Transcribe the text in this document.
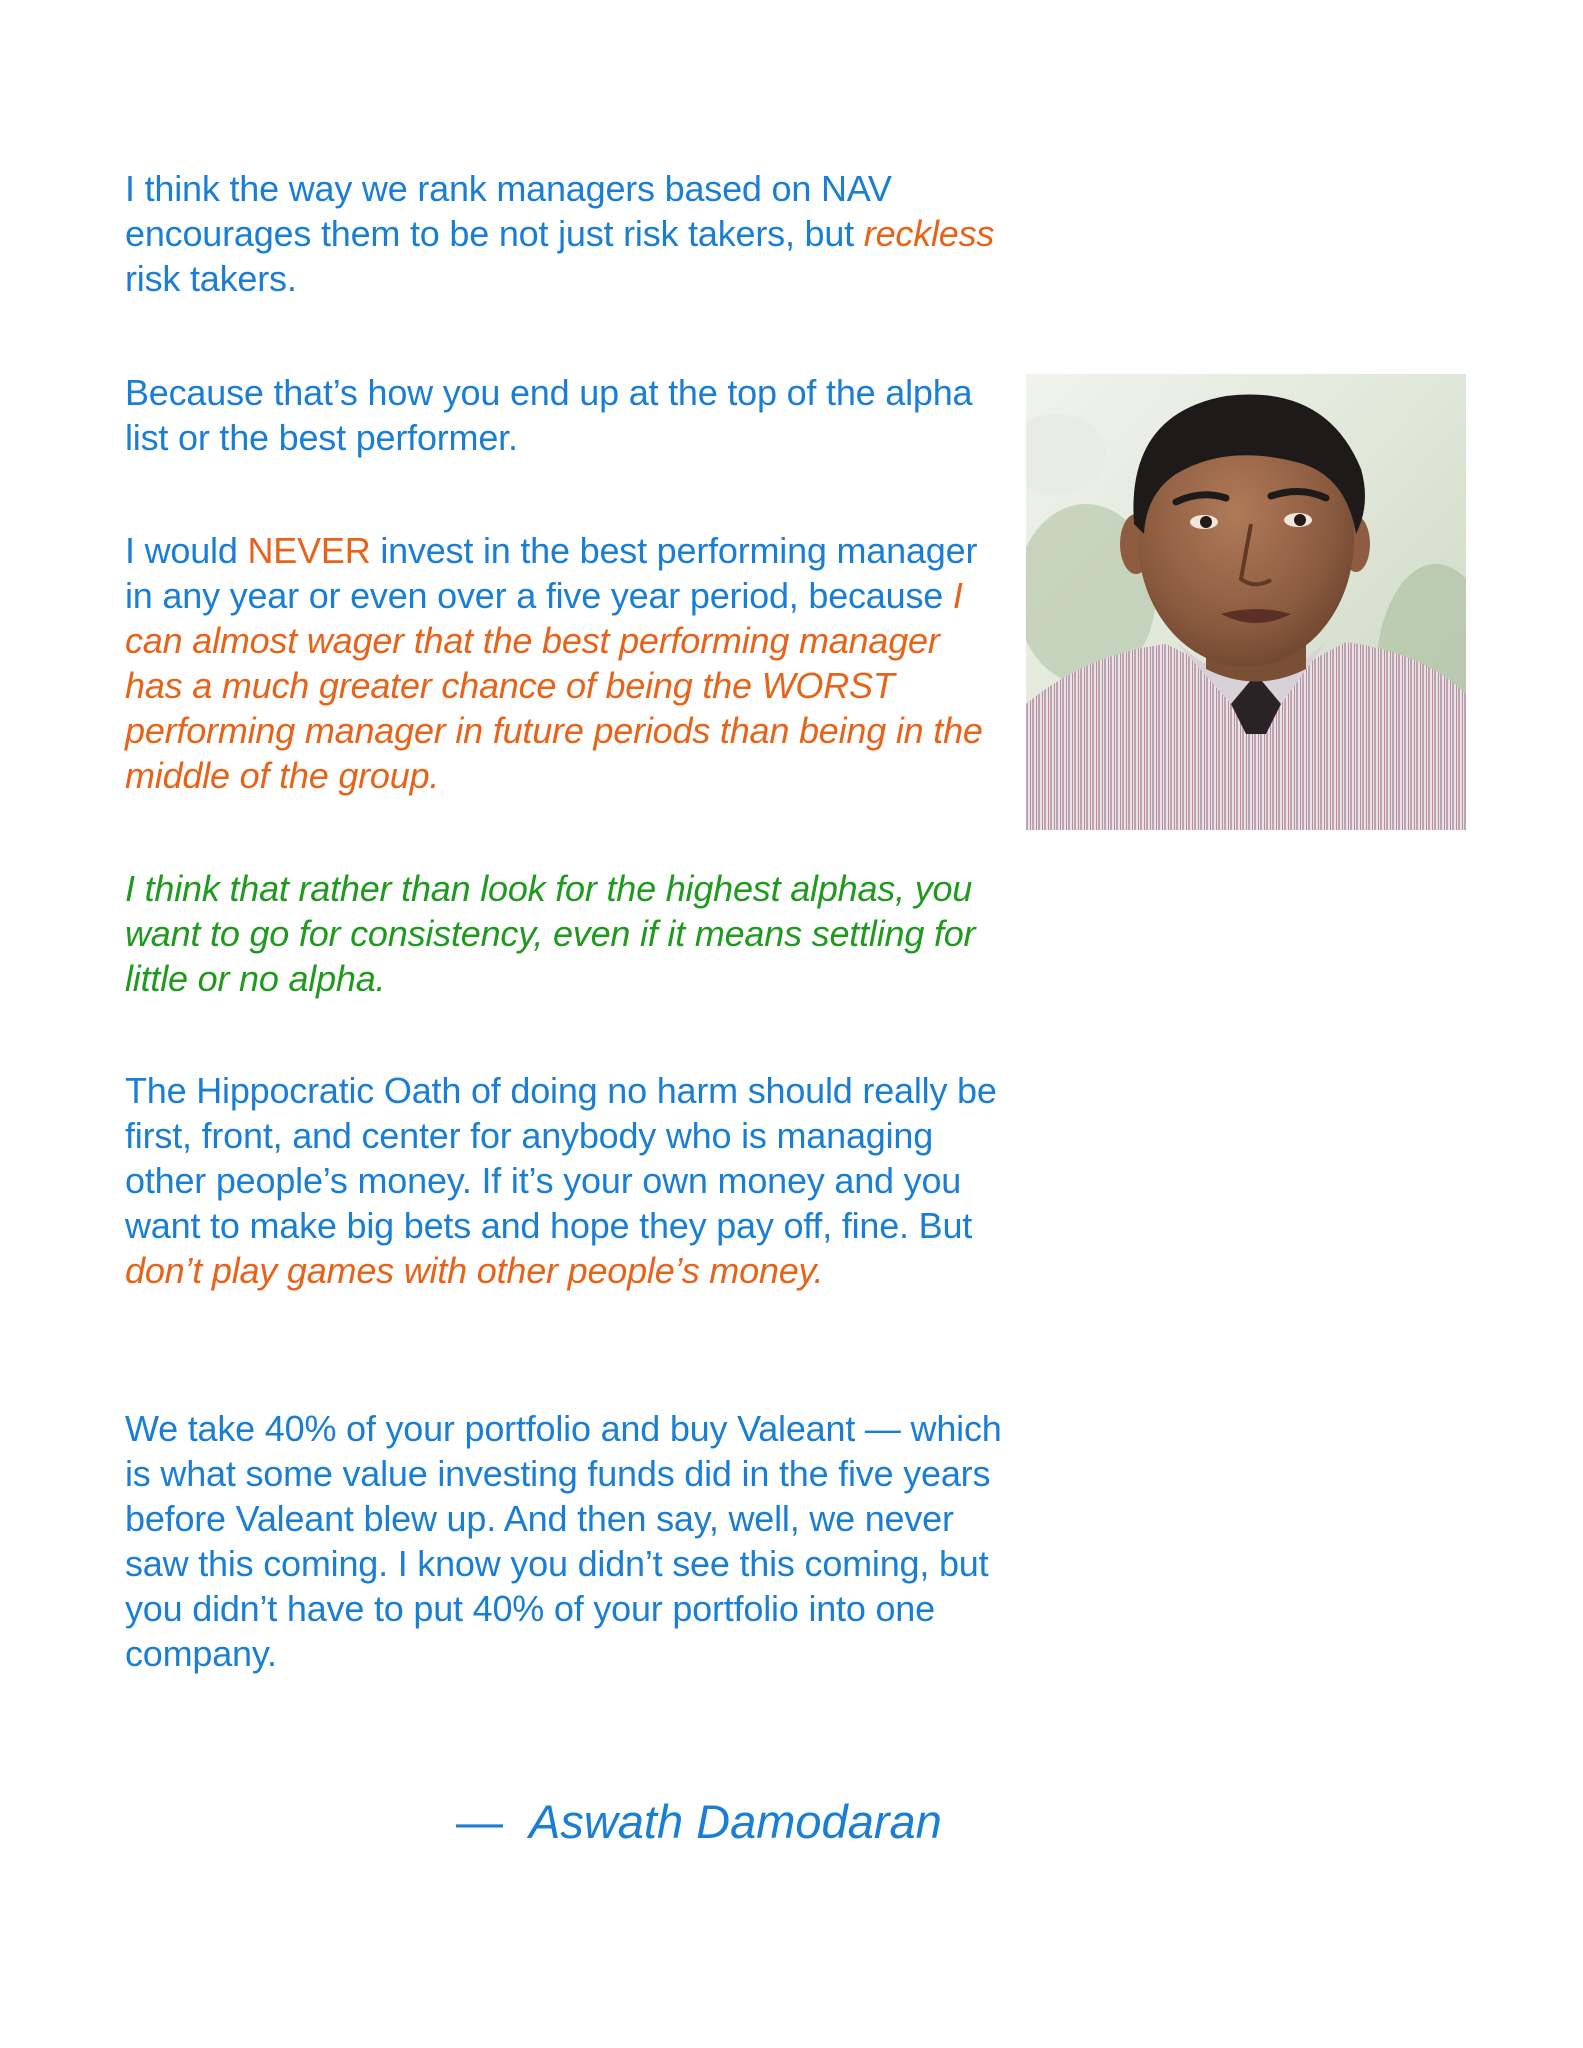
I think the way we rank managers based on NAV encourages them to be not just risk takers, but reckless risk takers.

Because that’s how you end up at the top of the alpha list or the best performer.

I would NEVER invest in the best performing manager in any year or even over a five year period, because I can almost wager that the best performing manager has a much greater chance of being the WORST performing manager in future periods than being in the middle of the group.

I think that rather than look for the highest alphas, you want to go for consistency, even if it means settling for little or no alpha.

The Hippocratic Oath of doing no harm should really be first, front, and center for anybody who is managing other people’s money. If it’s your own money and you want to make big bets and hope they pay off, fine. But don’t play games with other people’s money.

We take 40% of your portfolio and buy Valeant — which is what some value investing funds did in the five years before Valeant blew up. And then say, well, we never saw this coming. I know you didn’t see this coming, but you didn’t have to put 40% of your portfolio into one company.

— Aswath Damodaran
